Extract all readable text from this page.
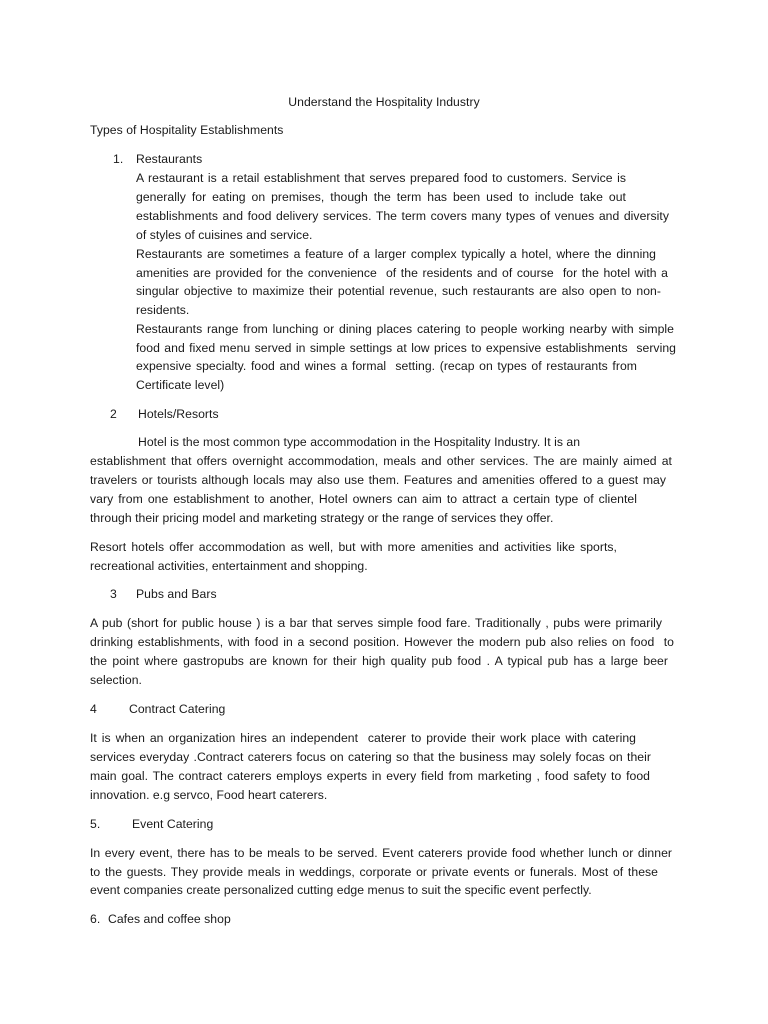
Understand the Hospitality Industry
Types of Hospitality Establishments
1. Restaurants
A restaurant is a retail establishment that serves prepared food to customers. Service is
generally for eating on premises, though the term has been used to include take out
establishments and food delivery services. The term covers many types of venues and diversity
of styles of cuisines and service.
Restaurants are sometimes a feature of a larger complex typically a hotel, where the dinning
amenities are provided for the convenience  of the residents and of course  for the hotel with a
singular objective to maximize their potential revenue, such restaurants are also open to non-
residents.
Restaurants range from lunching or dining places catering to people working nearby with simple
food and fixed menu served in simple settings at low prices to expensive establishments  serving
expensive specialty. food and wines a formal  setting. (recap on types of restaurants from
Certificate level)
2 Hotels/Resorts
Hotel is the most common type accommodation in the Hospitality Industry. It is an
establishment that offers overnight accommodation, meals and other services. The are mainly aimed at
travelers or tourists although locals may also use them. Features and amenities offered to a guest may
vary from one establishment to another, Hotel owners can aim to attract a certain type of clientel
through their pricing model and marketing strategy or the range of services they offer.
Resort hotels offer accommodation as well, but with more amenities and activities like sports,
recreational activities, entertainment and shopping.
3 Pubs and Bars
A pub (short for public house ) is a bar that serves simple food fare. Traditionally , pubs were primarily
drinking establishments, with food in a second position. However the modern pub also relies on food  to
the point where gastropubs are known for their high quality pub food . A typical pub has a large beer
selection.
4	Contract Catering
It is when an organization hires an independent  caterer to provide their work place with catering
services everyday .Contract caterers focus on catering so that the business may solely focas on their
main goal. The contract caterers employs experts in every field from marketing , food safety to food
innovation. e.g servco, Food heart caterers.
5.	Event Catering
In every event, there has to be meals to be served. Event caterers provide food whether lunch or dinner
to the guests. They provide meals in weddings, corporate or private events or funerals. Most of these
event companies create personalized cutting edge menus to suit the specific event perfectly.
6. Cafes and coffee shop
